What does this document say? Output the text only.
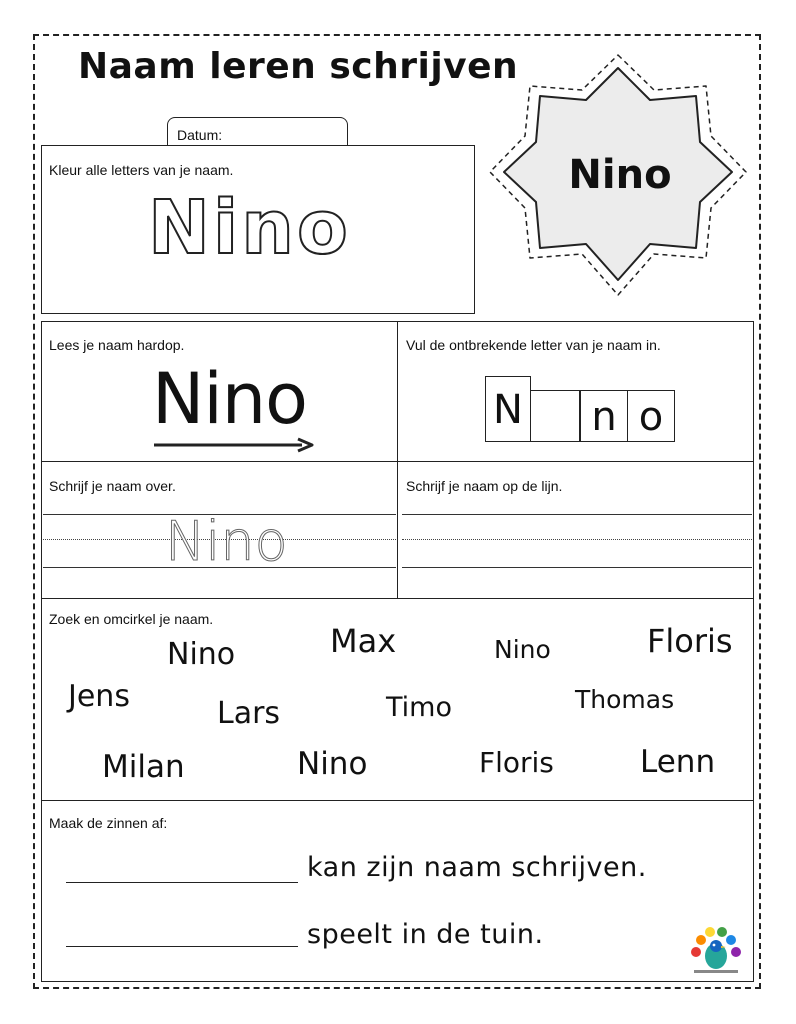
Naam leren schrijven
Datum:
Kleur alle letters van je naam.
Nino
Nino
Lees je naam hardop.
Nino
Vul de ontbrekende letter van je naam in.
N n o
Schrijf je naam over.	Schrijf je naam op de lijn.
Nino
Zoek en omcirkel je naam.
Nino	Max	Nino	Floris
Jens	Lars	Timo	Thomas
Milan	Nino	Floris	Lenn
Maak de zinnen af:
kan zijn naam schrijven.
speelt in de tuin.
